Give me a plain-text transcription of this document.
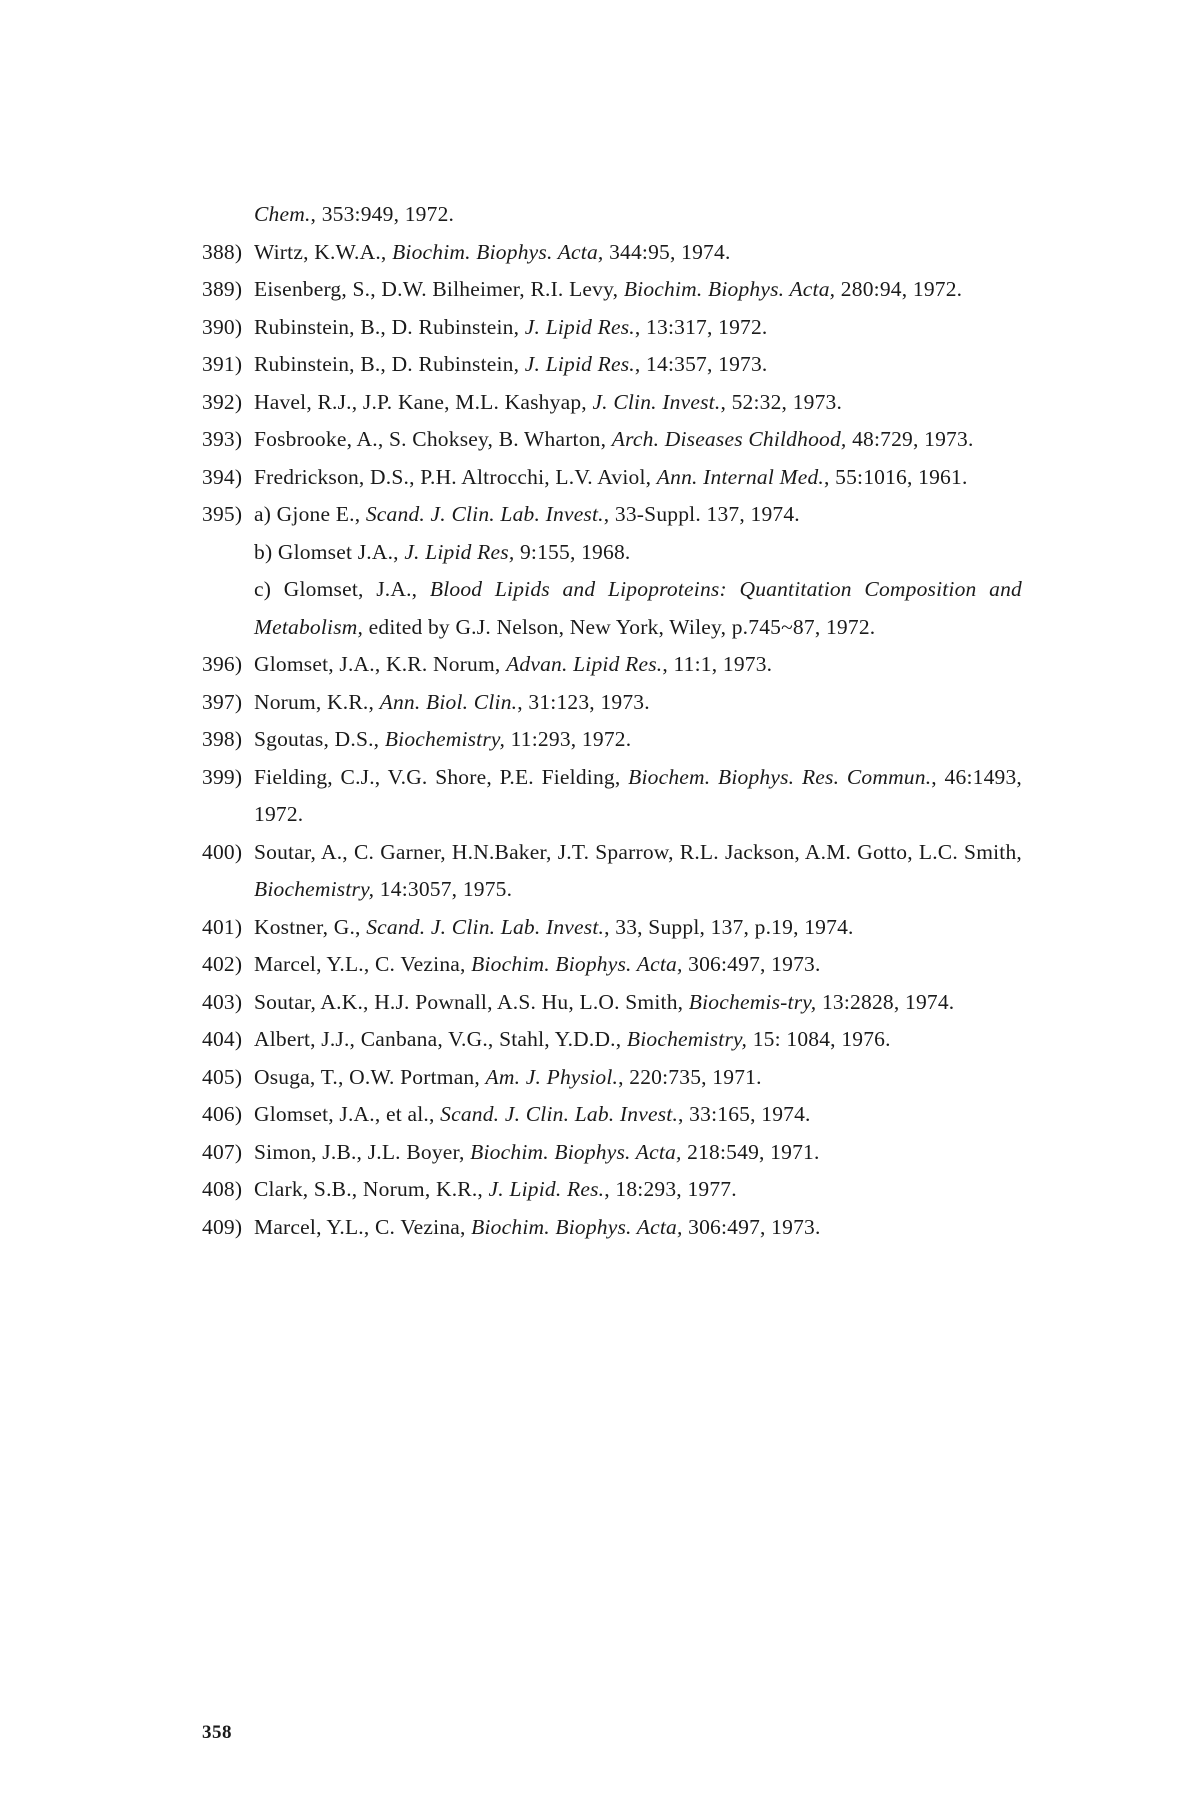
Chem., 353:949, 1972.
388) Wirtz, K.W.A., Biochim. Biophys. Acta, 344:95, 1974.
389) Eisenberg, S., D.W. Bilheimer, R.I. Levy, Biochim. Biophys. Acta, 280:94, 1972.
390) Rubinstein, B., D. Rubinstein, J. Lipid Res., 13:317, 1972.
391) Rubinstein, B., D. Rubinstein, J. Lipid Res., 14:357, 1973.
392) Havel, R.J., J.P. Kane, M.L. Kashyap, J. Clin. Invest., 52:32, 1973.
393) Fosbrooke, A., S. Choksey, B. Wharton, Arch. Diseases Childhood, 48:729, 1973.
394) Fredrickson, D.S., P.H. Altrocchi, L.V. Aviol, Ann. Internal Med., 55:1016, 1961.
395) a) Gjone E., Scand. J. Clin. Lab. Invest., 33-Suppl. 137, 1974.
b) Glomset J.A., J. Lipid Res, 9:155, 1968.
c) Glomset, J.A., Blood Lipids and Lipoproteins: Quantitation Composition and Metabolism, edited by G.J. Nelson, New York, Wiley, p.745~87, 1972.
396) Glomset, J.A., K.R. Norum, Advan. Lipid Res., 11:1, 1973.
397) Norum, K.R., Ann. Biol. Clin., 31:123, 1973.
398) Sgoutas, D.S., Biochemistry, 11:293, 1972.
399) Fielding, C.J., V.G. Shore, P.E. Fielding, Biochem. Biophys. Res. Commun., 46:1493, 1972.
400) Soutar, A., C. Garner, H.N.Baker, J.T. Sparrow, R.L. Jackson, A.M. Gotto, L.C. Smith, Biochemistry, 14:3057, 1975.
401) Kostner, G., Scand. J. Clin. Lab. Invest., 33, Suppl, 137, p.19, 1974.
402) Marcel, Y.L., C. Vezina, Biochim. Biophys. Acta, 306:497, 1973.
403) Soutar, A.K., H.J. Pownall, A.S. Hu, L.O. Smith, Biochemis-try, 13:2828, 1974.
404) Albert, J.J., Canbana, V.G., Stahl, Y.D.D., Biochemistry, 15: 1084, 1976.
405) Osuga, T., O.W. Portman, Am. J. Physiol., 220:735, 1971.
406) Glomset, J.A., et al., Scand. J. Clin. Lab. Invest., 33:165, 1974.
407) Simon, J.B., J.L. Boyer, Biochim. Biophys. Acta, 218:549, 1971.
408) Clark, S.B., Norum, K.R., J. Lipid. Res., 18:293, 1977.
409) Marcel, Y.L., C. Vezina, Biochim. Biophys. Acta, 306:497, 1973.
358
